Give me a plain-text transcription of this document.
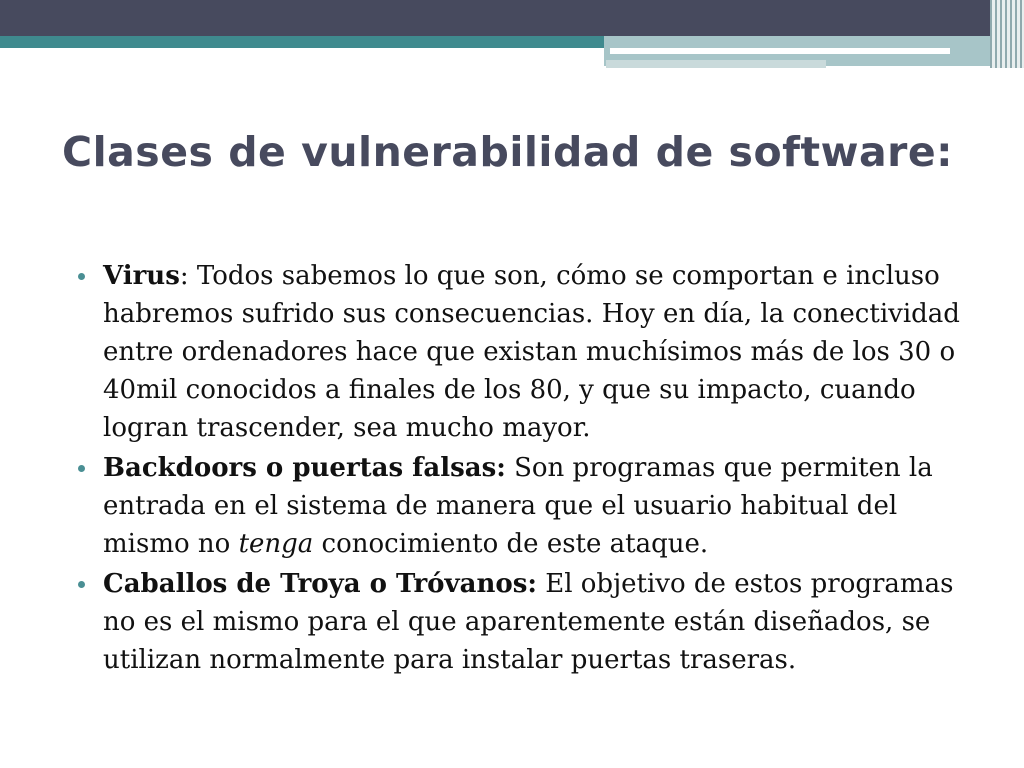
Clases de vulnerabilidad de software:
Virus: Todos sabemos lo que son, cómo se comportan e incluso habremos sufrido sus consecuencias. Hoy en día, la conectividad entre ordenadores hace que existan muchísimos más de los 30 o 40mil conocidos a finales de los 80, y que su impacto, cuando logran trascender, sea mucho mayor.
Backdoors o puertas falsas: Son programas que permiten la entrada en el sistema de manera que el usuario habitual del mismo no tenga conocimiento de este ataque.
Caballos de Troya o Tróvanos: El objetivo de estos programas no es el mismo para el que aparentemente están diseñados, se utilizan normalmente para instalar puertas traseras.
